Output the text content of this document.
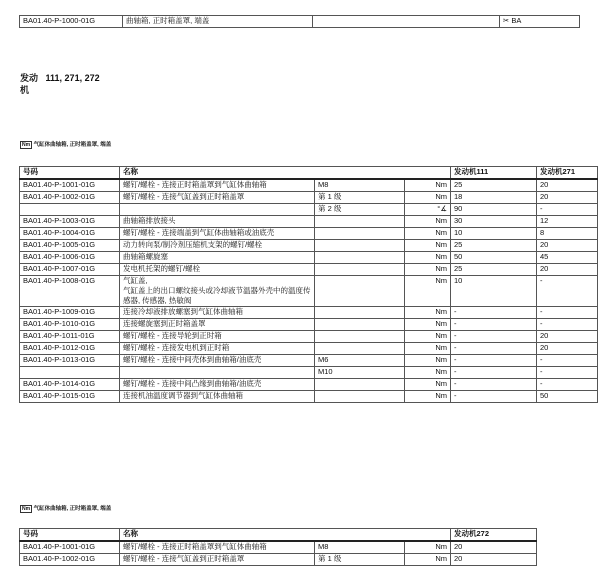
BA01.40-P-1000-01G	曲轴箱, 正时箱盖罩, 端盖		✂ BA
发动 111, 271, 272
机
Nm 气缸体曲轴箱, 正时箱盖罩, 端盖
号码	名称			发动机111	发动机271
BA01.40-P-1001-01G	螺钉/螺栓 - 连接正时箱盖罩到气缸体曲轴箱	M8	Nm	25	20
BA01.40-P-1002-01G	螺钉/螺栓 - 连接气缸盖到正时箱盖罩	第 1 级	Nm	18	20
		第 2 级	°∡	90	-
BA01.40-P-1003-01G	曲轴箱排放接头		Nm	30	12
BA01.40-P-1004-01G	螺钉/螺栓 - 连接端盖到气缸体曲轴箱或油底壳		Nm	10	8
BA01.40-P-1005-01G	动力转向泵/制冷剂压缩机支架的螺钉/螺栓		Nm	25	20
BA01.40-P-1006-01G	曲轴箱螺旋塞		Nm	50	45
BA01.40-P-1007-01G	发电机托架的螺钉/螺栓		Nm	25	20
BA01.40-P-1008-01G	气缸盖,
气缸盖上的出口螺纹接头或冷却液节温器外壳中的温度传感器, 传感器, 热敏阀		Nm	10	-
BA01.40-P-1009-01G	连接冷却液排放螺塞到气缸体曲轴箱		Nm	-	-
BA01.40-P-1010-01G	连接螺旋塞到正时箱盖罩		Nm	-	-
BA01.40-P-1011-01G	螺钉/螺栓 - 连接导轮到正时箱		Nm	-	20
BA01.40-P-1012-01G	螺钉/螺栓 - 连接发电机到正时箱		Nm	-	20
BA01.40-P-1013-01G	螺钉/螺栓 - 连接中间壳体到曲轴箱/油底壳	M6	Nm	-	-
		M10	Nm	-	-
BA01.40-P-1014-01G	螺钉/螺栓 - 连接中间凸缘到曲轴箱/油底壳		Nm	-	-
BA01.40-P-1015-01G	连接机油温度调节器到气缸体曲轴箱		Nm	-	50
Nm 气缸体曲轴箱, 正时箱盖罩, 端盖
号码	名称			发动机272
BA01.40-P-1001-01G	螺钉/螺栓 - 连接正时箱盖罩到气缸体曲轴箱	M8	Nm	20
BA01.40-P-1002-01G	螺钉/螺栓 - 连接气缸盖到正时箱盖罩	第 1 级	Nm	20
